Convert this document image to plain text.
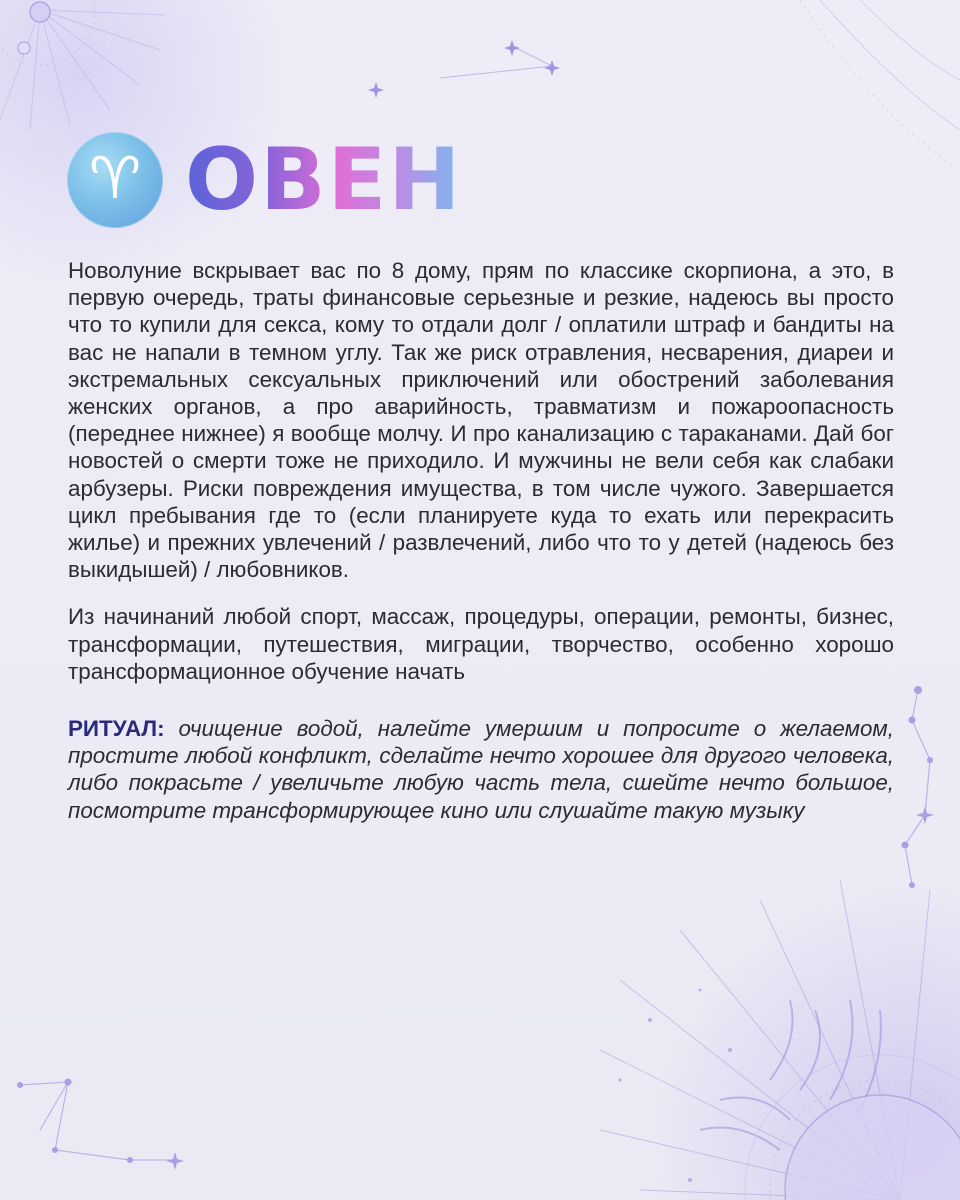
♈ ОВЕН

Новолуние вскрывает вас по 8 дому, прям по классике скорпиона, а это, в первую очередь, траты финансовые серьезные и резкие, надеюсь вы просто что то купили для секса, кому то отдали долг / оплатили штраф и бандиты на вас не напали в темном углу. Так же риск отравления, несварения, диареи и экстремальных сексуальных приключений или обострений заболевания женских органов, а про аварийность, травматизм и пожароопасность (переднее нижнее) я вообще молчу. И про канализацию с тараканами. Дай бог новостей о смерти тоже не приходило. И мужчины не вели себя как слабаки арбузеры. Риски повреждения имущества, в том числе чужого. Завершается цикл пребывания где то (если планируете куда то ехать или перекрасить жилье) и прежних увлечений / развлечений, либо что то у детей (надеюсь без выкидышей) / любовников.

Из начинаний любой спорт, массаж, процедуры, операции, ремонты, бизнес, трансформации, путешествия, миграции, творчество, особенно хорошо трансформационное обучение начать

РИТУАЛ: очищение водой, налейте умершим и попросите о желаемом, простите любой конфликт, сделайте нечто хорошее для другого человека, либо покрасьте / увеличьте любую часть тела, сшейте нечто большое, посмотрите трансформирующее кино или слушайте такую музыку
